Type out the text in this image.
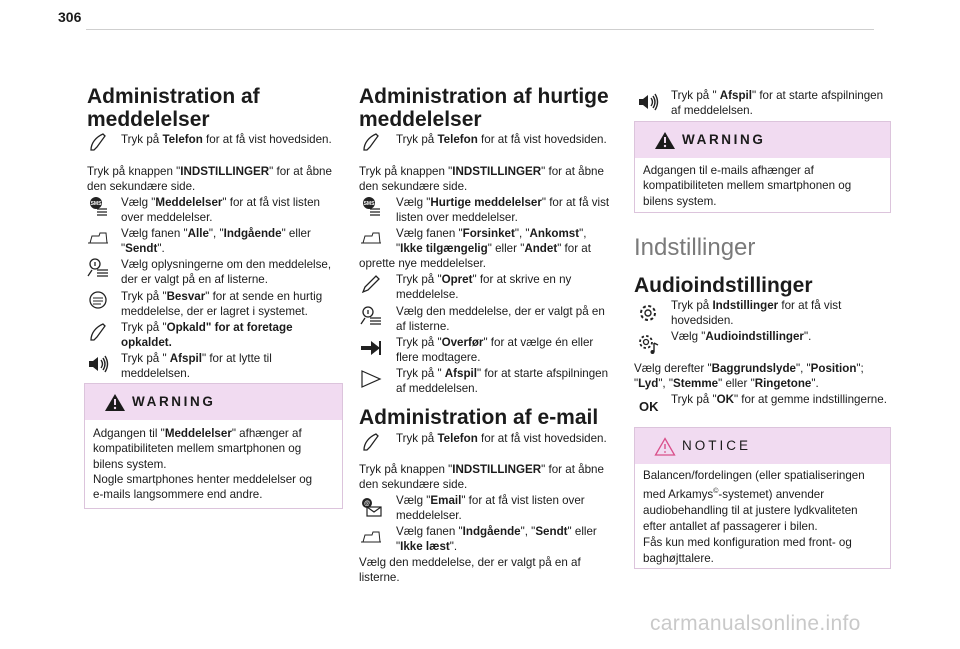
306
Administration af
meddelelser
Tryk på Telefon for at få vist hovedsiden.
Tryk på knappen "INDSTILLINGER" for at åbne
den sekundære side.
SMS Vælg "Meddelelser" for at få vist listen
over meddelelser.
Vælg fanen "Alle", "Indgående" eller
"Sendt".
Vælg oplysningerne om den meddelelse,
der er valgt på en af listerne.
Tryk på "Besvar" for at sende en hurtig
meddelelse, der er lagret i systemet.
Tryk på "Opkald" for at foretage
opkaldet.
Tryk på " Afspil" for at lytte til
meddelelsen.
WARNING
Adgangen til "Meddelelser" afhænger af
kompatibiliteten mellem smartphonen og
bilens system.
Nogle smartphones henter meddelelser og
e-mails langsommere end andre.
Administration af hurtige
meddelelser
Tryk på Telefon for at få vist hovedsiden.
Tryk på knappen "INDSTILLINGER" for at åbne
den sekundære side.
SMS Vælg "Hurtige meddelelser" for at få vist
listen over meddelelser.
Vælg fanen "Forsinket", "Ankomst",
"Ikke tilgængelig" eller "Andet" for at
oprette nye meddelelser.
Tryk på "Opret" for at skrive en ny
meddelelse.
Vælg den meddelelse, der er valgt på en
af listerne.
Tryk på "Overfør" for at vælge én eller
flere modtagere.
Tryk på " Afspil" for at starte afspilningen
af meddelelsen.
Administration af e-mail
Tryk på Telefon for at få vist hovedsiden.
Tryk på knappen "INDSTILLINGER" for at åbne
den sekundære side.
@ Vælg "Email" for at få vist listen over
meddelelser.
Vælg fanen "Indgående", "Sendt" eller
"Ikke læst".
Vælg den meddelelse, der er valgt på en af
listerne.
Tryk på " Afspil" for at starte afspilningen
af meddelelsen.
WARNING
Adgangen til e-mails afhænger af
kompatibiliteten mellem smartphonen og
bilens system.
Indstillinger
Audioindstillinger
Tryk på Indstillinger for at få vist
hovedsiden.
Vælg "Audioindstillinger".
Vælg derefter "Baggrundslyde", "Position";
"Lyd", "Stemme" eller "Ringetone".
OK Tryk på "OK" for at gemme indstillingerne.
NOTICE
Balancen/fordelingen (eller spatialiseringen
med Arkamys©-systemet) anvender
audiobehandling til at justere lydkvaliteten
efter antallet af passagerer i bilen.
Fås kun med konfiguration med front- og
baghøjttalere.
carmanualsonline.info
